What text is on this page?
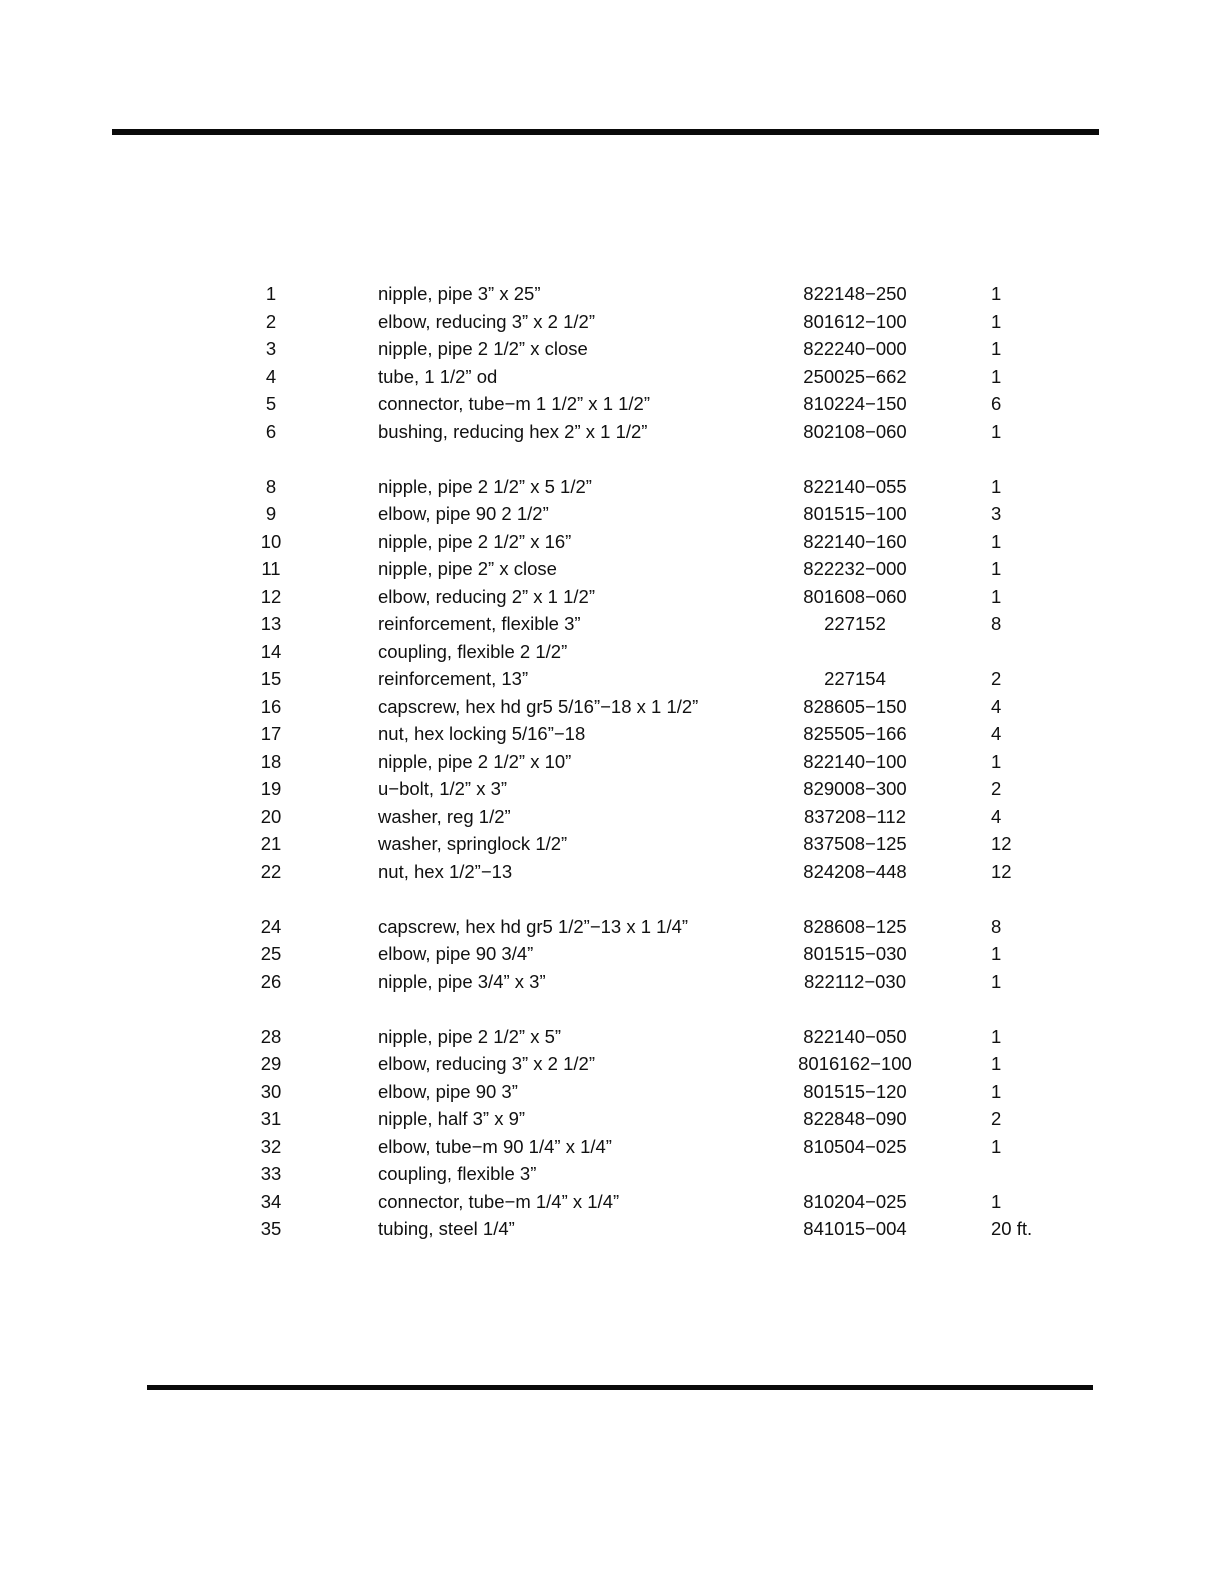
1	nipple, pipe 3” x 25”	822148−250	1
2	elbow, reducing 3” x 2 1/2”	801612−100	1
3	nipple, pipe 2 1/2” x close	822240−000	1
4	tube, 1 1/2” od	250025−662	1
5	connector, tube−m 1 1/2” x 1 1/2”	810224−150	6
6	bushing, reducing hex 2” x 1 1/2”	802108−060	1
8	nipple, pipe 2 1/2” x 5 1/2”	822140−055	1
9	elbow, pipe 90 2 1/2”	801515−100	3
10	nipple, pipe 2 1/2” x 16”	822140−160	1
11	nipple, pipe 2” x close	822232−000	1
12	elbow, reducing 2” x 1 1/2”	801608−060	1
13	reinforcement, flexible 3”	227152	8
14	coupling, flexible 2 1/2”
15	reinforcement, 13”	227154	2
16	capscrew, hex hd gr5 5/16”−18 x 1 1/2”	828605−150	4
17	nut, hex locking 5/16”−18	825505−166	4
18	nipple, pipe 2 1/2” x 10”	822140−100	1
19	u−bolt, 1/2” x 3”	829008−300	2
20	washer, reg 1/2”	837208−112	4
21	washer, springlock 1/2”	837508−125	12
22	nut, hex 1/2”−13	824208−448	12
24	capscrew, hex hd gr5 1/2”−13 x 1 1/4”	828608−125	8
25	elbow, pipe 90 3/4”	801515−030	1
26	nipple, pipe 3/4” x 3”	822112−030	1
28	nipple, pipe 2 1/2” x 5”	822140−050	1
29	elbow, reducing 3” x 2 1/2”	8016162−100	1
30	elbow, pipe 90 3”	801515−120	1
31	nipple, half 3” x 9”	822848−090	2
32	elbow, tube−m 90 1/4” x 1/4”	810504−025	1
33	coupling, flexible 3”
34	connector, tube−m 1/4” x 1/4”	810204−025	1
35	tubing, steel 1/4”	841015−004	20 ft.
